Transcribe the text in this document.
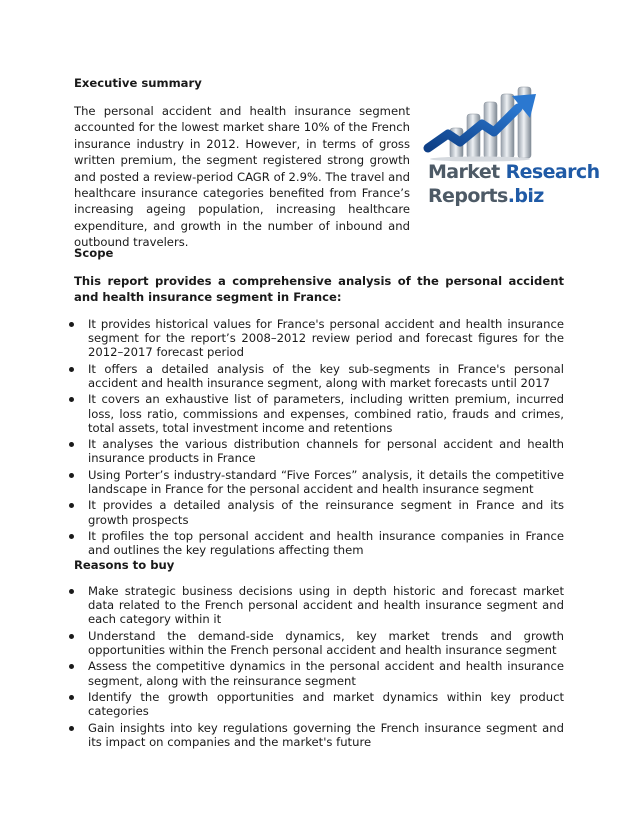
Executive summary

The personal accident and health insurance segment accounted for the lowest market share 10% of the French insurance industry in 2012. However, in terms of gross written premium, the segment registered strong growth and posted a review-period CAGR of 2.9%. The travel and healthcare insurance categories benefited from France’s increasing ageing population, increasing healthcare expenditure, and growth in the number of inbound and outbound travelers.

Market Research
Reports.biz
Scope

This report provides a comprehensive analysis of the personal accident and health insurance segment in France:

It provides historical values for France's personal accident and health insurance segment for the report’s 2008–2012 review period and forecast figures for the 2012–2017 forecast period
It offers a detailed analysis of the key sub-segments in France's personal accident and health insurance segment, along with market forecasts until 2017
It covers an exhaustive list of parameters, including written premium, incurred loss, loss ratio, commissions and expenses, combined ratio, frauds and crimes, total assets, total investment income and retentions
It analyses the various distribution channels for personal accident and health insurance products in France
Using Porter’s industry-standard “Five Forces” analysis, it details the competitive landscape in France for the personal accident and health insurance segment
It provides a detailed analysis of the reinsurance segment in France and its growth prospects
It profiles the top personal accident and health insurance companies in France and outlines the key regulations affecting them
Reasons to buy
Make strategic business decisions using in depth historic and forecast market data related to the French personal accident and health insurance segment and each category within it
Understand the demand-side dynamics, key market trends and growth opportunities within the French personal accident and health insurance segment
Assess the competitive dynamics in the personal accident and health insurance segment, along with the reinsurance segment
Identify the growth opportunities and market dynamics within key product categories
Gain insights into key regulations governing the French insurance segment and its impact on companies and the market's future
